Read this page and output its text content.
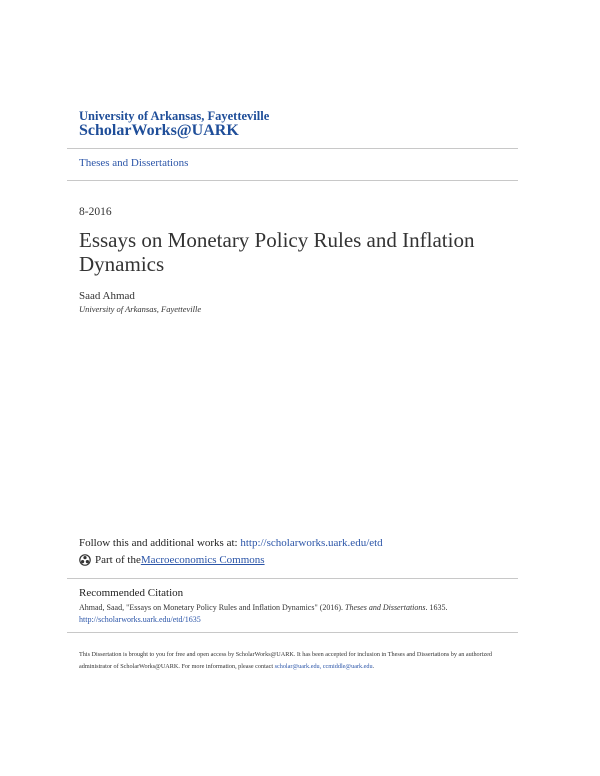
University of Arkansas, Fayetteville
ScholarWorks@UARK
Theses and Dissertations
8-2016
Essays on Monetary Policy Rules and Inflation Dynamics
Saad Ahmad
University of Arkansas, Fayetteville
Follow this and additional works at: http://scholarworks.uark.edu/etd
Part of the Macroeconomics Commons
Recommended Citation
Ahmad, Saad, "Essays on Monetary Policy Rules and Inflation Dynamics" (2016). Theses and Dissertations. 1635.
http://scholarworks.uark.edu/etd/1635
This Dissertation is brought to you for free and open access by ScholarWorks@UARK. It has been accepted for inclusion in Theses and Dissertations by an authorized administrator of ScholarWorks@UARK. For more information, please contact scholar@uark.edu, ccmiddle@uark.edu.
